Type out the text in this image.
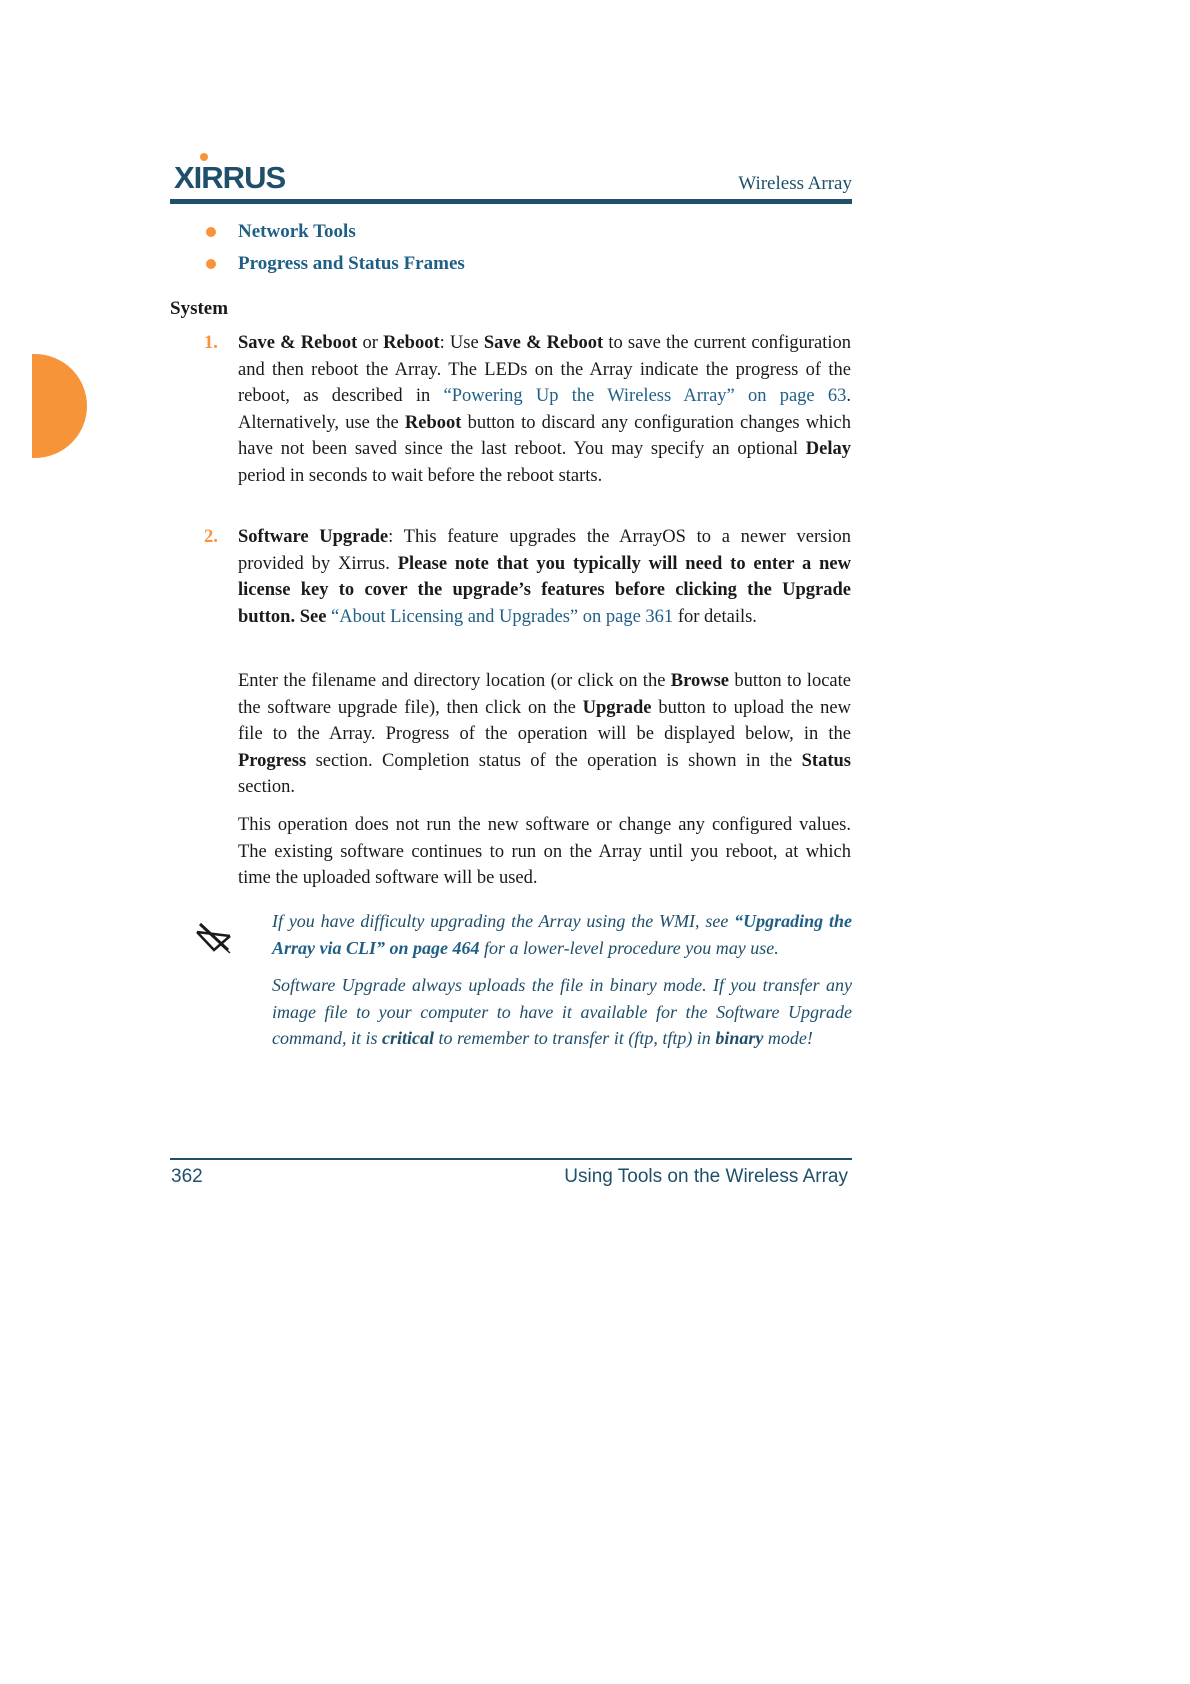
XIRRUS	Wireless Array
Network Tools
Progress and Status Frames
System
1. Save & Reboot or Reboot: Use Save & Reboot to save the current configuration and then reboot the Array. The LEDs on the Array indicate the progress of the reboot, as described in “Powering Up the Wireless Array” on page 63. Alternatively, use the Reboot button to discard any configuration changes which have not been saved since the last reboot. You may specify an optional Delay period in seconds to wait before the reboot starts.
2. Software Upgrade: This feature upgrades the ArrayOS to a newer version provided by Xirrus. Please note that you typically will need to enter a new license key to cover the upgrade’s features before clicking the Upgrade button. See “About Licensing and Upgrades” on page 361 for details.
Enter the filename and directory location (or click on the Browse button to locate the software upgrade file), then click on the Upgrade button to upload the new file to the Array. Progress of the operation will be displayed below, in the Progress section. Completion status of the operation is shown in the Status section.
This operation does not run the new software or change any configured values. The existing software continues to run on the Array until you reboot, at which time the uploaded software will be used.
If you have difficulty upgrading the Array using the WMI, see “Upgrading the Array via CLI” on page 464 for a lower-level procedure you may use.
Software Upgrade always uploads the file in binary mode. If you transfer any image file to your computer to have it available for the Software Upgrade command, it is critical to remember to transfer it (ftp, tftp) in binary mode!
362	Using Tools on the Wireless Array
